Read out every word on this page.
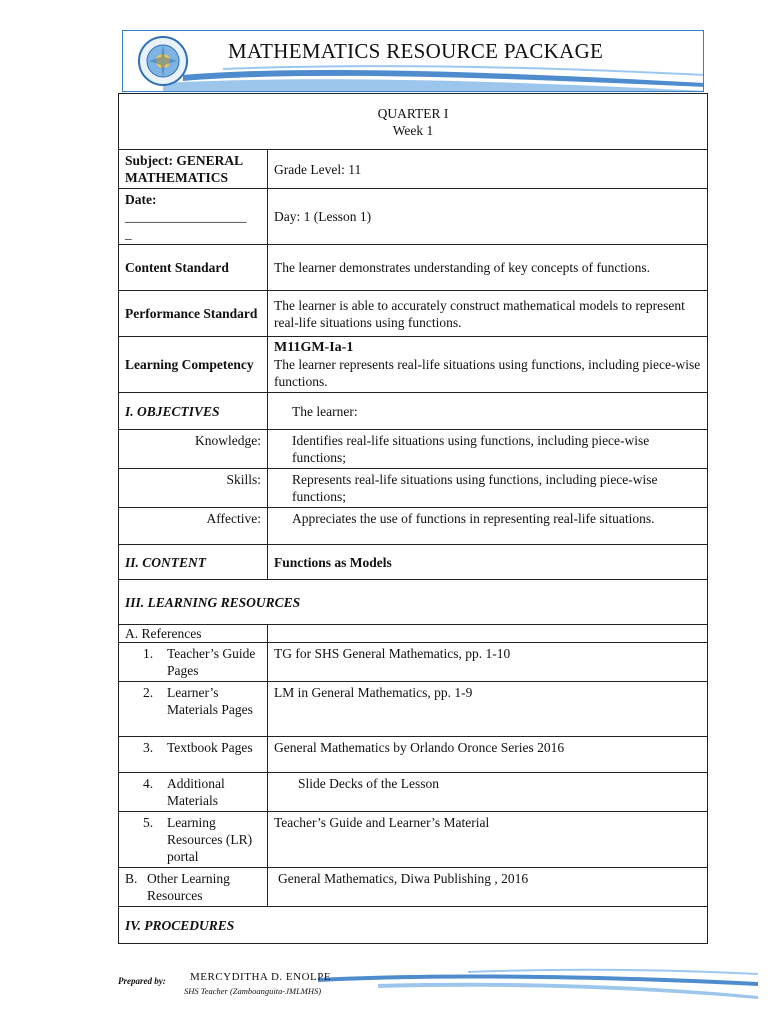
MATHEMATICS RESOURCE PACKAGE
QUARTER I
Week 1	

Subject: GENERAL MATHEMATICS	Grade Level: 11

Date:
__________________
_	Day: 1 (Lesson 1)
Content Standard	The learner demonstrates understanding of key concepts of functions.
Performance Standard	The learner is able to accurately construct mathematical models to represent real-life situations using functions.
Learning Competency	M11GM-Ia-1
The learner represents real-life situations using functions, including piece-wise functions.

I. OBJECTIVES	The learner:
Knowledge:	Identifies real-life situations using functions, including piece-wise functions;
Skills:	Represents real-life situations using functions, including piece-wise functions;
Affective:	Appreciates the use of functions in representing real-life situations.
II. CONTENT	Functions as Models
III. LEARNING RESOURCES	
A. References	

1. Teacher’s Guide Pages	TG for SHS General Mathematics, pp. 1-10

2. Learner’s Materials Pages	LM in General Mathematics, pp. 1-9

3. Textbook Pages	General Mathematics by Orlando Oronce Series 2016

4. Additional Materials	Slide Decks of the Lesson

5. Learning Resources (LR) portal	Teacher’s Guide and Learner’s Material

B. Other Learning Resources	General Mathematics, Diwa Publishing , 2016
IV. PROCEDURES	
Prepared by: MERCYDITHA D. ENOLPE
SHS Teacher (Zamboanguita-JMLMHS)
